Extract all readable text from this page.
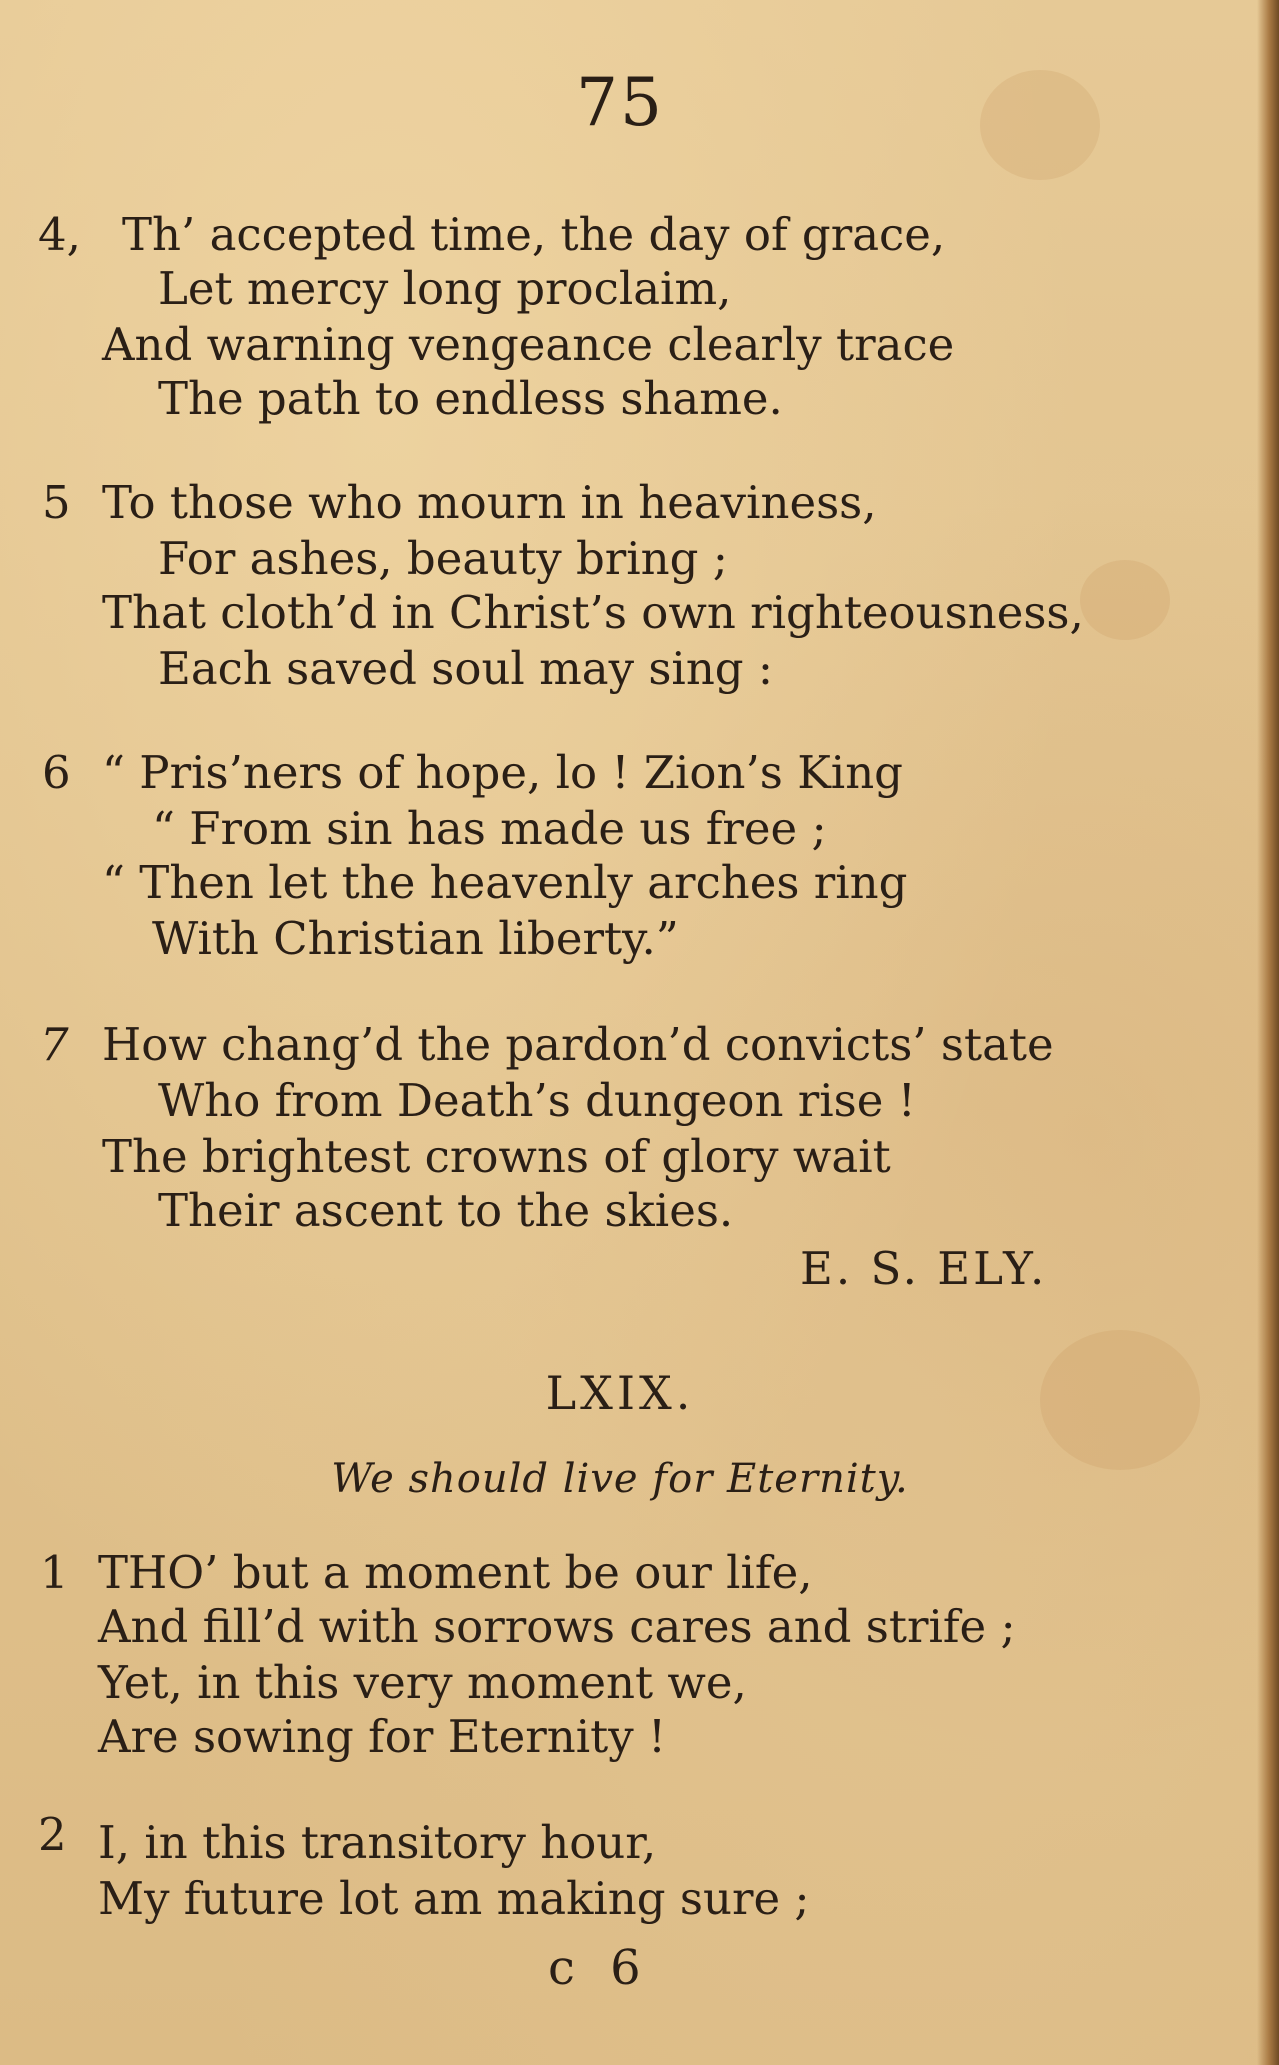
75
4, Th’ accepted time, the day of grace,
Let mercy long proclaim,
And warning vengeance clearly trace
The path to endless shame.
5 To those who mourn in heaviness,
For ashes, beauty bring ;
That cloth’d in Christ’s own righteousness,
Each saved soul may sing :
6 “ Pris’ners of hope, lo ! Zion’s King
“ From sin has made us free ;
“ Then let the heavenly arches ring
With Christian liberty.”
7 How chang’d the pardon’d convicts’ state
Who from Death’s dungeon rise !
The brightest crowns of glory wait
Their ascent to the skies.
E. S. ELY.
LXIX.
We should live for Eternity.
1 THO’ but a moment be our life,
And fill’d with sorrows cares and strife ;
Yet, in this very moment we,
Are sowing for Eternity !
2 I, in this transitory hour,
My future lot am making sure ;
c 6
